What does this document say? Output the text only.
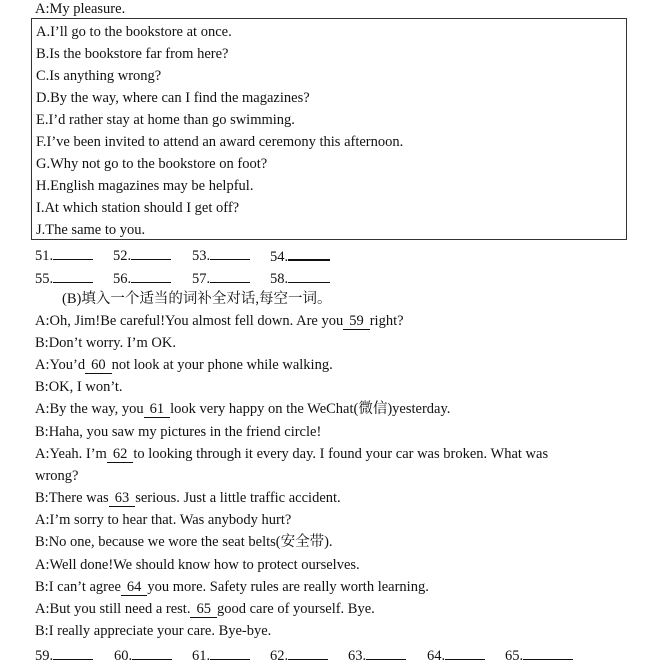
A:My pleasure.
A.I’ll go to the bookstore at once.
B.Is the bookstore far from here?
C.Is anything wrong?
D.By the way, where can I find the magazines?
E.I’d rather stay at home than go swimming.
F.I’ve been invited to attend an award ceremony this afternoon.
G.Why not go to the bookstore on foot?
H.English magazines may be helpful.
I.At which station should I get off?
J.The same to you.
51.	52.	53.	54.
55.	56.	57.	58.
(B)填入一个适当的词补全对话,每空一词。
A:Oh, Jim!Be careful!You almost fell down. Are you 59 right?
B:Don’t worry. I’m OK.
A:You’d 60 not look at your phone while walking.
B:OK, I won’t.
A:By the way, you 61 look very happy on the WeChat(微信)yesterday.
B:Haha, you saw my pictures in the friend circle!
A:Yeah. I’m 62 to looking through it every day. I found your car was broken. What was
wrong?
B:There was 63 serious. Just a little traffic accident.
A:I’m sorry to hear that. Was anybody hurt?
B:No one, because we wore the seat belts(安全带).
A:Well done!We should know how to protect ourselves.
B:I can’t agree 64 you more. Safety rules are really worth learning.
A:But you still need a rest. 65 good care of yourself. Bye.
B:I really appreciate your care. Bye-bye.
59.	60.	61.	62.	63.	64.	65.
